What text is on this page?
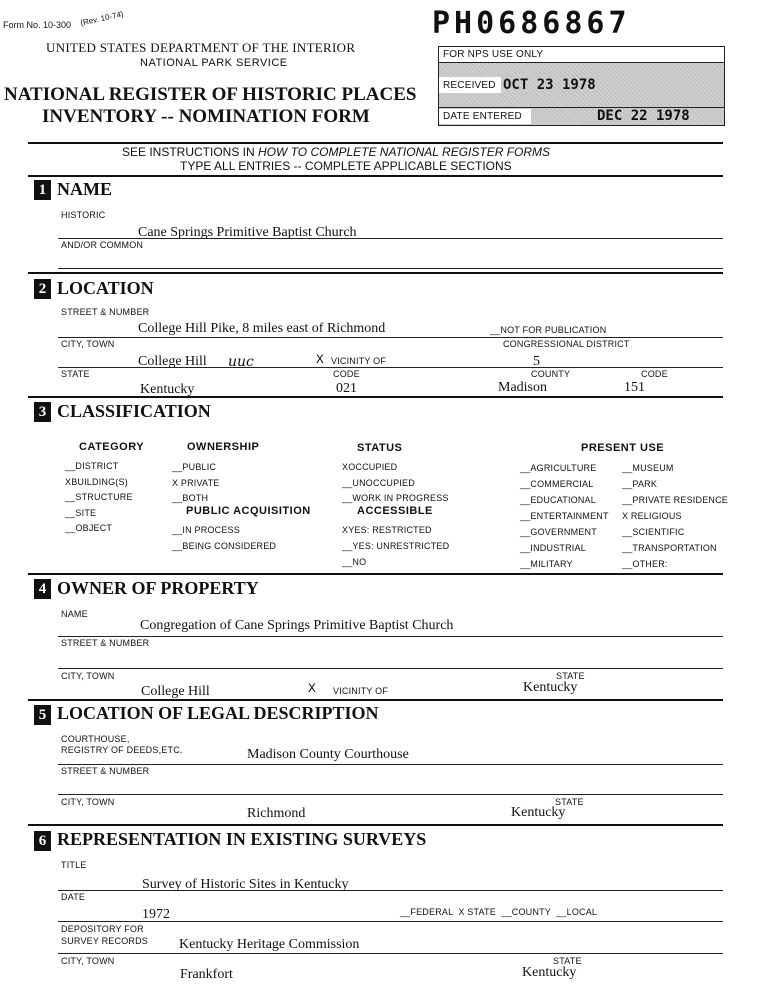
Form No. 10-300 (Rev. 10-74)
UNITED STATES DEPARTMENT OF THE INTERIOR
NATIONAL PARK SERVICE
NATIONAL REGISTER OF HISTORIC PLACES
INVENTORY -- NOMINATION FORM
PH0686867
FOR NPS USE ONLY
RECEIVED OCT 23 1978
DATE ENTERED	DEC 22 1978
SEE INSTRUCTIONS IN HOW TO COMPLETE NATIONAL REGISTER FORMS
TYPE ALL ENTRIES -- COMPLETE APPLICABLE SECTIONS
1 NAME
HISTORIC
Cane Springs Primitive Baptist Church
AND/OR COMMON
2 LOCATION
STREET & NUMBER
College Hill Pike, 8 miles east of Richmond	__NOT FOR PUBLICATION
CITY, TOWN	CONGRESSIONAL DISTRICT
College Hill uuc	X VICINITY OF	5
STATE	CODE	COUNTY	CODE
Kentucky	021	Madison	151
3 CLASSIFICATION
CATEGORY	OWNERSHIP	STATUS	PRESENT USE
__DISTRICT
XBUILDING(S)
__STRUCTURE
__SITE
__OBJECT
__PUBLIC
X PRIVATE
__BOTH
PUBLIC ACQUISITION
__IN PROCESS
__BEING CONSIDERED
XOCCUPIED
__UNOCCUPIED
__WORK IN PROGRESS
ACCESSIBLE
XYES: RESTRICTED
__YES: UNRESTRICTED
__NO
__AGRICULTURE
__COMMERCIAL
__EDUCATIONAL
__ENTERTAINMENT
__GOVERNMENT
__INDUSTRIAL
__MILITARY
__MUSEUM
__PARK
__PRIVATE RESIDENCE
X RELIGIOUS
__SCIENTIFIC
__TRANSPORTATION
__OTHER:
4 OWNER OF PROPERTY
NAME
Congregation of Cane Springs Primitive Baptist Church
STREET & NUMBER
CITY, TOWN	STATE
College Hill	X VICINITY OF	Kentucky
5 LOCATION OF LEGAL DESCRIPTION
COURTHOUSE,
REGISTRY OF DEEDS,ETC.	Madison County Courthouse
STREET & NUMBER
CITY, TOWN	STATE
Richmond	Kentucky
6 REPRESENTATION IN EXISTING SURVEYS
TITLE
Survey of Historic Sites in Kentucky
DATE
1972	__FEDERAL  X STATE  __COUNTY  __LOCAL
DEPOSITORY FOR
SURVEY RECORDS Kentucky Heritage Commission
CITY, TOWN	STATE
Frankfort	Kentucky
